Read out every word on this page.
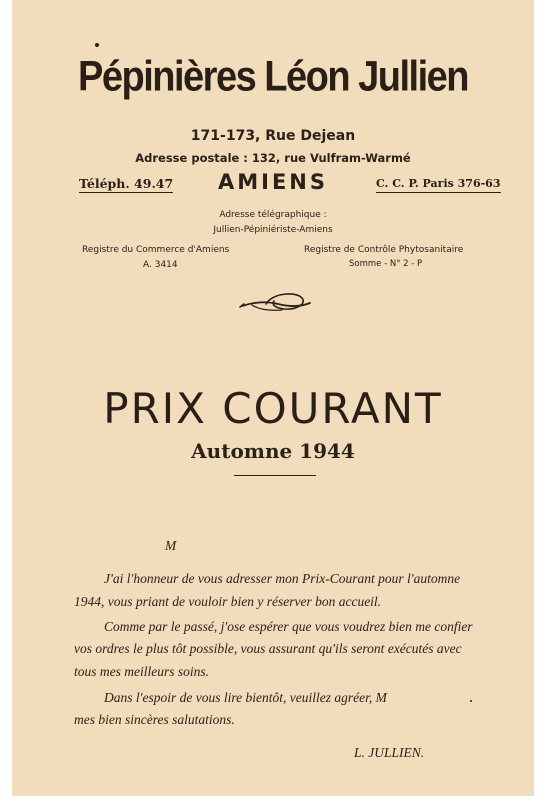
Pépinières Léon Jullien
171-173, Rue Dejean
Adresse postale : 132, rue Vulfram-Warmé
Téléph. 49.47	AMIENS	C. C. P. Paris 376-63
Adresse télégraphique :
Jullien-Pépiniériste-Amiens
Registre du Commerce d'Amiens
A. 3414
Registre de Contrôle Phytosanitaire
Somme - N° 2 - P
PRIX COURANT
Automne 1944
M
J'ai l'honneur de vous adresser mon Prix-Courant pour l'automne
1944, vous priant de vouloir bien y réserver bon accueil.
Comme par le passé, j'ose espérer que vous voudrez bien me confier
vos ordres le plus tôt possible, vous assurant qu'ils seront exécutés avec
tous mes meilleurs soins.
Dans l'espoir de vous lire bientôt, veuillez agréer, M
mes bien sincères salutations.
L. JULLIEN.
